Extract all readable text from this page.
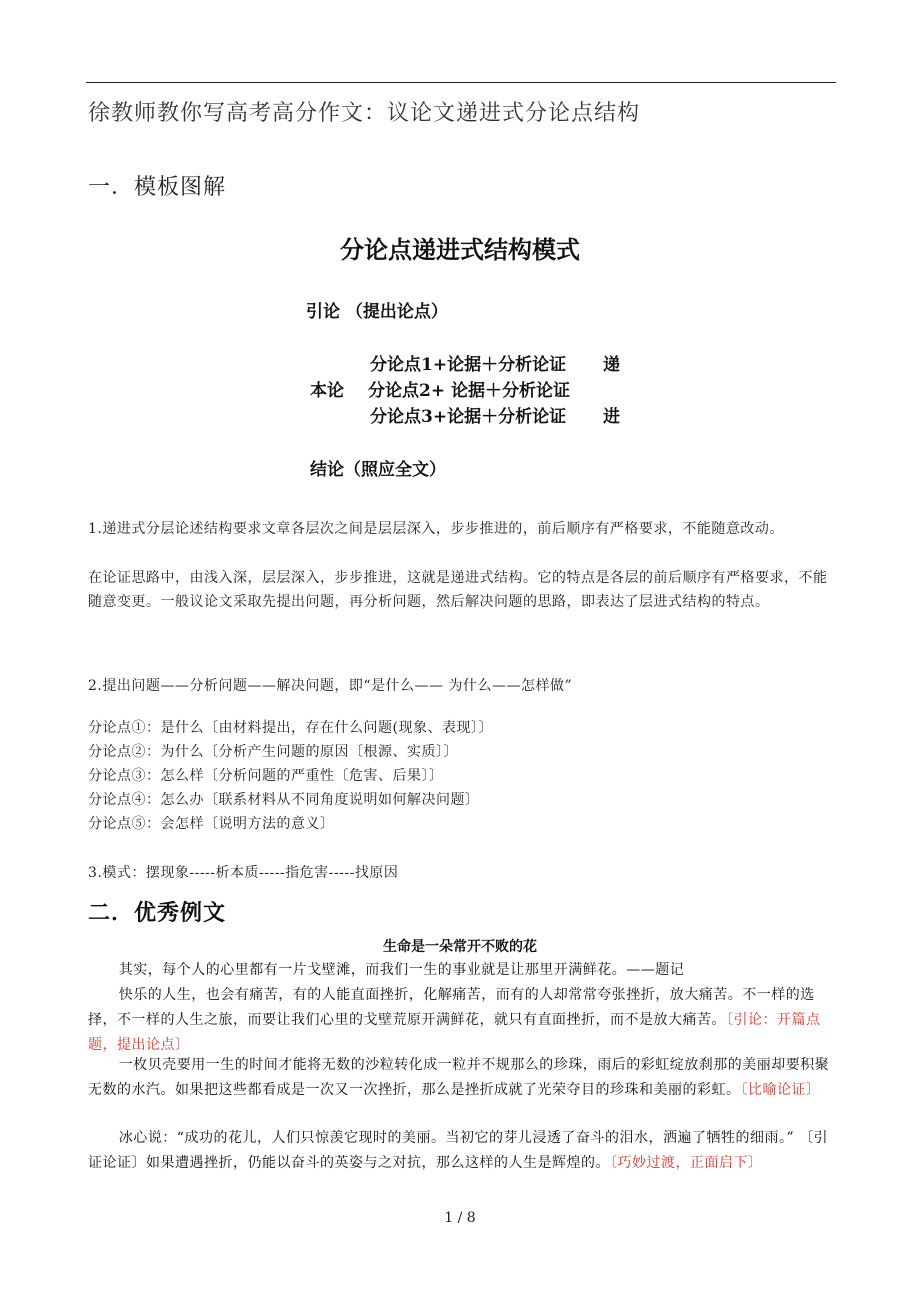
徐教师教你写高考高分作文：议论文递进式分论点结构
一．模板图解
分论点递进式结构模式
引论 （提出论点）
分论点1+论据＋分析论证 递
本论 分论点2+ 论据＋分析论证
分论点3+论据＋分析论证 进
结论（照应全文）
1.递进式分层论述结构要求文章各层次之间是层层深入，步步推进的，前后顺序有严格要求，不能随意改动。
在论证思路中，由浅入深，层层深入，步步推进，这就是递进式结构。它的特点是各层的前后顺序有严格要求，不能随意变更。一般议论文采取先提出问题，再分析问题，然后解决问题的思路，即表达了层进式结构的特点。
2.提出问题——分析问题——解决问题，即“是什么—— 为什么——怎样做”
分论点①：是什么〔由材料提出，存在什么问题(现象、表现〕〕
分论点②：为什么〔分析产生问题的原因〔根源、实质〕〕
分论点③：怎么样〔分析问题的严重性〔危害、后果〕〕
分论点④：怎么办〔联系材料从不同角度说明如何解决问题〕
分论点⑤：会怎样〔说明方法的意义〕
3.模式：摆现象-----析本质-----指危害-----找原因
二．优秀例文
生命是一朵常开不败的花
其实，每个人的心里都有一片戈壁滩，而我们一生的事业就是让那里开满鲜花。——题记
快乐的人生，也会有痛苦，有的人能直面挫折，化解痛苦，而有的人却常常夸张挫折，放大痛苦。不一样的选择，不一样的人生之旅，而要让我们心里的戈壁荒原开满鲜花，就只有直面挫折，而不是放大痛苦。〔引论：开篇点题，提出论点〕
一枚贝壳要用一生的时间才能将无数的沙粒转化成一粒并不规那么的珍珠，雨后的彩虹绽放刹那的美丽却要积聚无数的水汽。如果把这些都看成是一次又一次挫折，那么是挫折成就了光荣夺目的珍珠和美丽的彩虹。〔比喻论证〕
冰心说：“成功的花儿，人们只惊羡它现时的美丽。当初它的芽儿浸透了奋斗的泪水，洒遍了牺牲的细雨。” 〔引证论证〕如果遭遇挫折，仍能以奋斗的英姿与之对抗，那么这样的人生是辉煌的。〔巧妙过渡，正面启下〕
1 / 8
